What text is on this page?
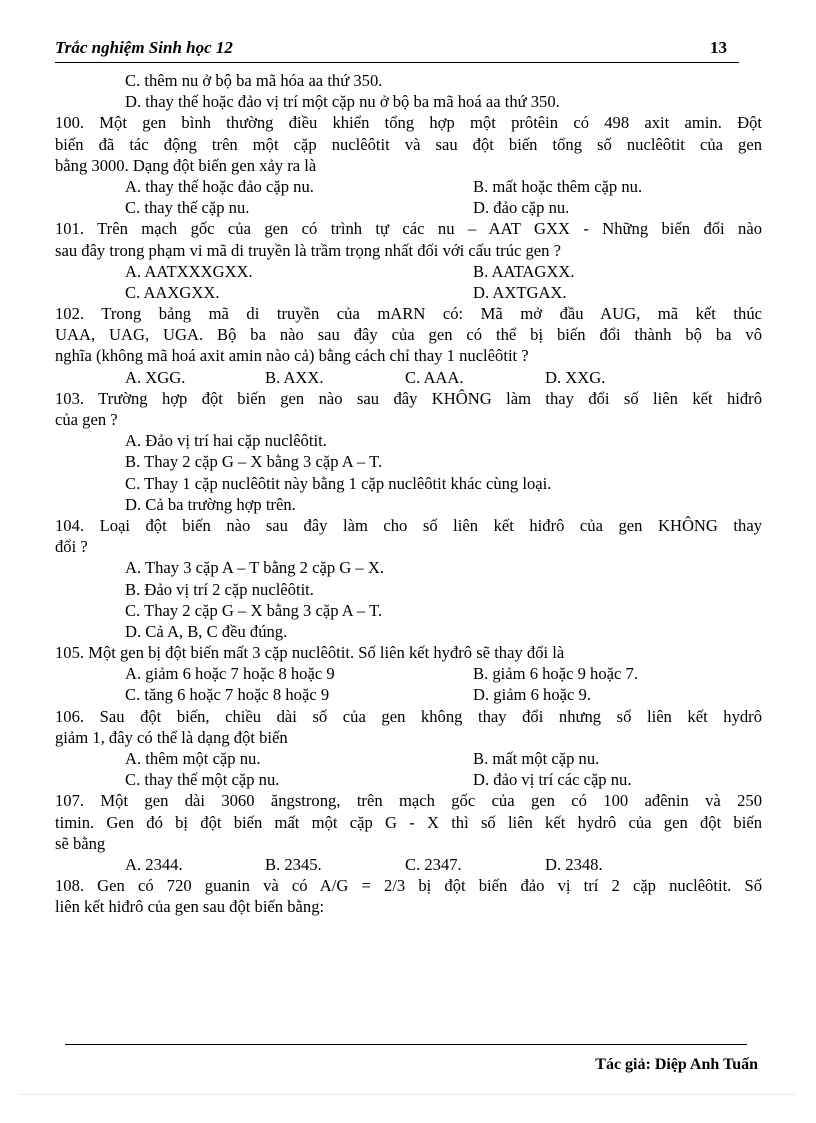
Trắc nghiệm Sinh học 12	13
C. thêm nu ở bộ ba mã hóa aa thứ 350.
D. thay thế hoặc đảo vị trí một cặp nu ở bộ ba mã hoá aa thứ 350.
100. Một gen bình thường điều khiển tổng hợp một prôtêin có 498 axit amin. Đột
biến đã tác động trên một cặp nuclêôtit và sau đột biến tổng số nuclêôtit của gen
bằng 3000. Dạng đột biến gen xảy ra là
A. thay thế hoặc đảo cặp nu.	B. mất hoặc thêm cặp nu.
C. thay thế cặp nu.	D. đảo cặp nu.
101. Trên mạch gốc của gen có trình tự các nu – AAT GXX - Những biến đổi nào
sau đây trong phạm vi mã di truyền là trầm trọng nhất đối với cấu trúc gen ?
A. AATXXXGXX.	B. AATAGXX.
C. AAXGXX.	D. AXTGAX.
102. Trong bảng mã di truyền của mARN có: Mã mở đầu AUG, mã kết thúc
UAA, UAG, UGA. Bộ ba nào sau đây của gen có thể bị biến đổi thành bộ ba vô
nghĩa (không mã hoá axit amin nào cả) bằng cách chỉ thay 1 nuclêôtit ?
A. XGG.	B. AXX.	C. AAA.	D. XXG.
103. Trường hợp đột biến gen nào sau đây KHÔNG làm thay đổi số liên kết hiđrô
của gen ?
A. Đảo vị trí hai cặp nuclêôtit.
B. Thay 2 cặp G – X bằng 3 cặp A – T.
C. Thay 1 cặp nuclêôtit này bằng 1 cặp nuclêôtit khác cùng loại.
D. Cả ba trường hợp trên.
104. Loại đột biến nào sau đây làm cho số liên kết hiđrô của gen KHÔNG thay
đổi ?
A. Thay 3 cặp A – T bằng 2 cặp G – X.
B. Đảo vị trí 2 cặp nuclêôtit.
C. Thay 2 cặp G – X bằng 3 cặp A – T.
D. Cả A, B, C đều đúng.
105. Một gen bị đột biến mất 3 cặp nuclêôtit. Số liên kết hyđrô sẽ thay đổi là
A. giảm 6 hoặc 7 hoặc 8 hoặc 9	B. giảm 6 hoặc 9 hoặc 7.
C. tăng 6 hoặc 7 hoặc 8 hoặc 9	D. giảm 6 hoặc 9.
106. Sau đột biến, chiều dài số của gen không thay đổi nhưng số liên kết hydrô
giảm 1, đây có thể là dạng đột biến
A. thêm một cặp nu.	B. mất một cặp nu.
C. thay thế một cặp nu.	D. đảo vị trí các cặp nu.
107. Một gen dài 3060 ăngstrong, trên mạch gốc của gen có 100 ađênin và 250
timin. Gen đó bị đột biến mất một cặp G - X thì số liên kết hydrô của gen đột biến
sẽ bằng
A. 2344.	B. 2345.	C. 2347.	D. 2348.
108. Gen có 720 guanin và có A/G = 2/3 bị đột biến đảo vị trí 2 cặp nuclêôtit. Số
liên kết hiđrô của gen sau đột biến bằng:
Tác giả: Diệp Anh Tuấn
